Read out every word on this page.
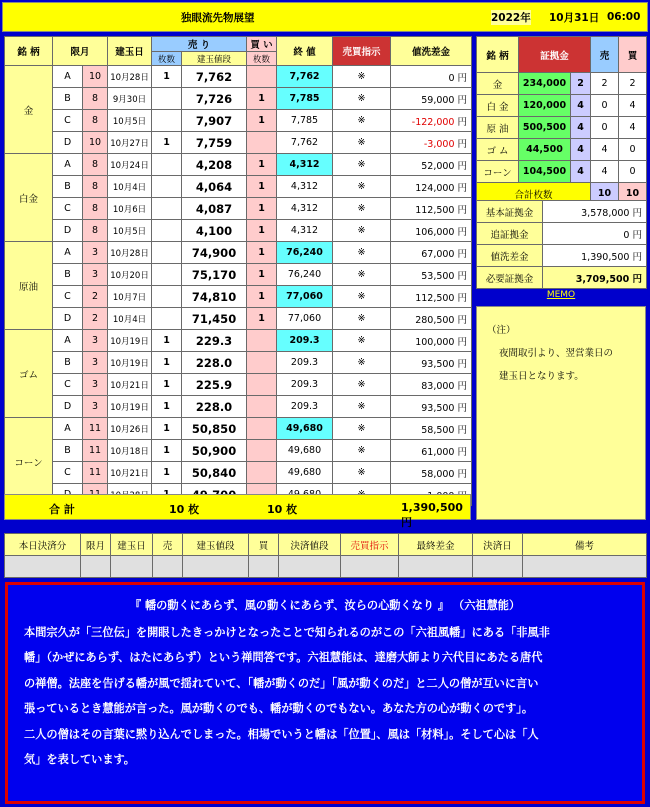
独眼流先物展望	2022年 10月31日 06:00
銘 柄	限月		建玉日	売 り		買 い	終 値	売買指示	値洗差金
				枚数	建玉値段	枚数			
金	A	10	10月28日	1	7,762		7,762	※	0 円
	B	8	9月30日		7,726	1	7,785	※	59,000 円
	C	8	10月5日		7,907	1	7,785	※	-122,000 円
	D	10	10月27日	1	7,759		7,762	※	-3,000 円
白金	A	8	10月24日		4,208	1	4,312	※	52,000 円
	B	8	10月4日		4,064	1	4,312	※	124,000 円
	C	8	10月6日		4,087	1	4,312	※	112,500 円
	D	8	10月5日		4,100	1	4,312	※	106,000 円
原油	A	3	10月28日		74,900	1	76,240	※	67,000 円
	B	3	10月20日		75,170	1	76,240	※	53,500 円
	C	2	10月7日		74,810	1	77,060	※	112,500 円
	D	2	10月4日		71,450	1	77,060	※	280,500 円
ゴム	A	3	10月19日	1	229.3		209.3	※	100,000 円
	B	3	10月19日	1	228.0		209.3	※	93,500 円
	C	3	10月21日	1	225.9		209.3	※	83,000 円
	D	3	10月19日	1	228.0		209.3	※	93,500 円
コーン	A	11	10月26日	1	50,850		49,680	※	58,500 円
	B	11	10月18日	1	50,900		49,680	※	61,000 円
	C	11	10月21日	1	50,840		49,680	※	58,000 円

合 計	10 枚	10 枚	1,390,500 円
銘 柄	証拠金		売	買
金	234,000	2	2	2
白 金	120,000	4	0	4
原 油	500,500	4	0	4
ゴ ム	44,500	4	4	0
コーン	104,500	4	4	0
合計枚数			10	10
基本証拠金	3,578,000 円
追証拠金	0 円
値洗差金	1,390,500 円
必要証拠金	3,709,500 円
MEMO
（注）
夜間取引より、翌営業日の
建玉日となります。
本日決済分	限月	建玉日	売	建玉値段	買	決済値段	売買指示	最終差金	決済日	備考

『 幡の動くにあらず、風の動くにあらず、汝らの心動くなり 』 （六祖慧能）
本間宗久が「三位伝」を開眼したきっかけとなったことで知られるのがこの「六祖風幡」にある「非風非
幡」（かぜにあらず、はたにあらず）という禅問答です。六祖慧能は、達磨大師より六代目にあたる唐代
の禅僧。法座を告げる幡が風で揺れていて、「幡が動くのだ」「風が動くのだ」と二人の僧が互いに言い
張っているとき慧能が言った。風が動くのでも、幡が動くのでもない。あなた方の心が動くのです」。
二人の僧はその言葉に黙り込んでしまった。相場でいうと幡は「位置」、風は「材料」。そして心は「人
気」を表しています。
